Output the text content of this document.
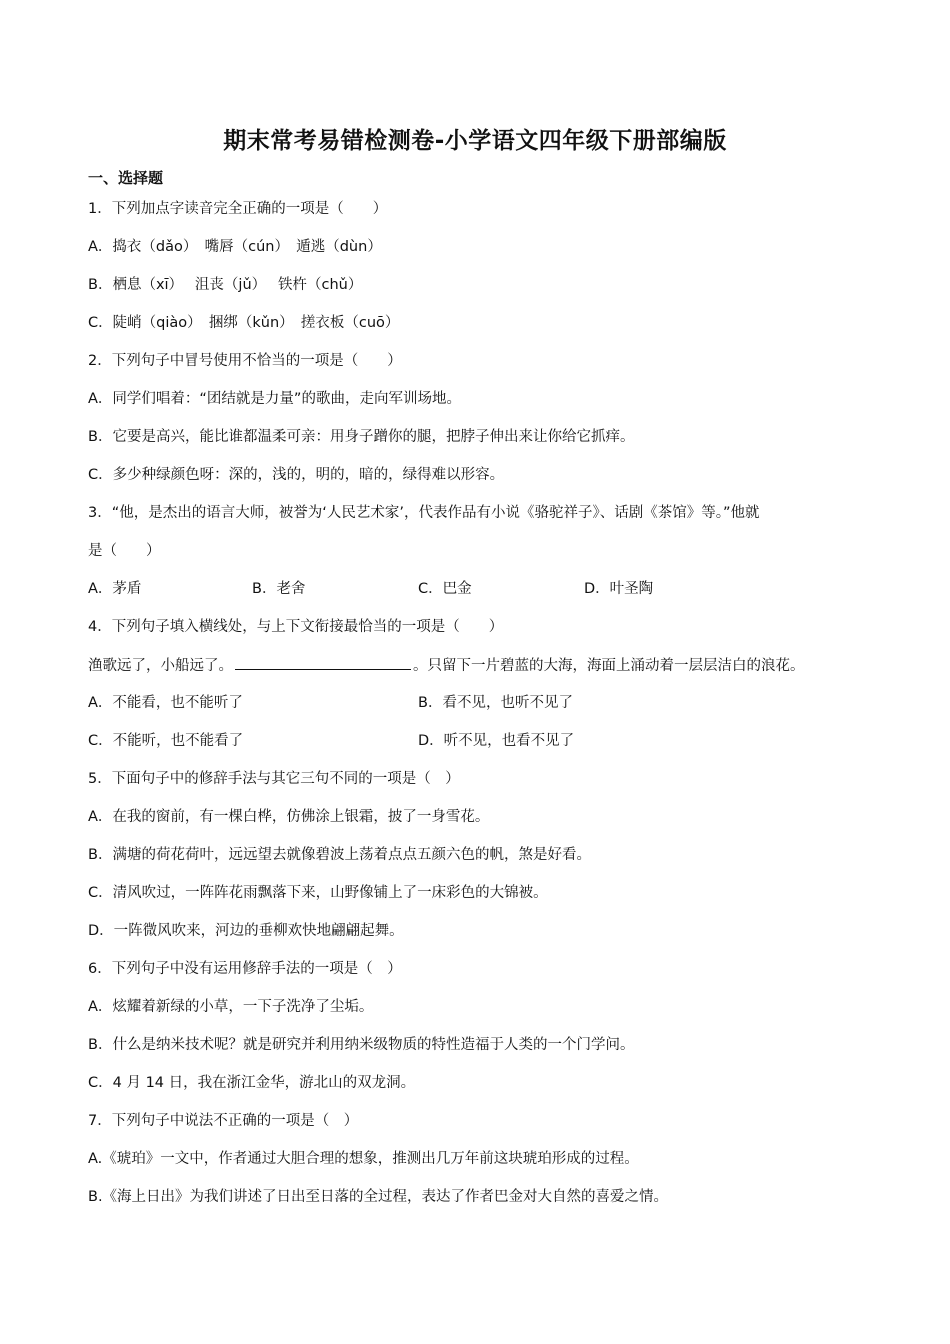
期末常考易错检测卷-小学语文四年级下册部编版
一、选择题
1．下列加点字读音完全正确的一项是（　　）
A．捣衣（dǎo）　嘴唇（cún）　遁逃（dùn）
B．栖息（xī）　 沮丧（jǔ）　 铁杵（chǔ）
C．陡峭（qiào）　捆绑（kǔn）　搓衣板（cuō）
2．下列句子中冒号使用不恰当的一项是（　　）
A．同学们唱着：“团结就是力量”的歌曲，走向军训场地。
B．它要是高兴，能比谁都温柔可亲：用身子蹭你的腿，把脖子伸出来让你给它抓痒。
C．多少种绿颜色呀：深的，浅的，明的，暗的，绿得难以形容。
3．“他，是杰出的语言大师，被誉为‘人民艺术家’，代表作品有小说《骆驼祥子》、话剧《茶馆》等。”他就
是（　　）
A．茅盾	B．老舍	C．巴金	D．叶圣陶
4．下列句子填入横线处，与上下文衔接最恰当的一项是（　　）
渔歌远了，小船远了。	。只留下一片碧蓝的大海，海面上涌动着一层层洁白的浪花。
A．不能看，也不能听了	B．看不见，也听不见了
C．不能听，也不能看了	D．听不见，也看不见了
5．下面句子中的修辞手法与其它三句不同的一项是（　）
A．在我的窗前，有一棵白桦，仿佛涂上银霜，披了一身雪花。
B．满塘的荷花荷叶，远远望去就像碧波上荡着点点五颜六色的帆，煞是好看。
C．清风吹过，一阵阵花雨飘落下来，山野像铺上了一床彩色的大锦被。
D．一阵微风吹来，河边的垂柳欢快地翩翩起舞。
6．下列句子中没有运用修辞手法的一项是（　）
A．炫耀着新绿的小草，一下子洗净了尘垢。
B．什么是纳米技术呢？就是研究并利用纳米级物质的特性造福于人类的一个门学问。
C．4 月 14 日，我在浙江金华，游北山的双龙洞。
7．下列句子中说法不正确的一项是（　）
A.《琥珀》一文中，作者通过大胆合理的想象，推测出几万年前这块琥珀形成的过程。
B.《海上日出》为我们讲述了日出至日落的全过程，表达了作者巴金对大自然的喜爱之情。
